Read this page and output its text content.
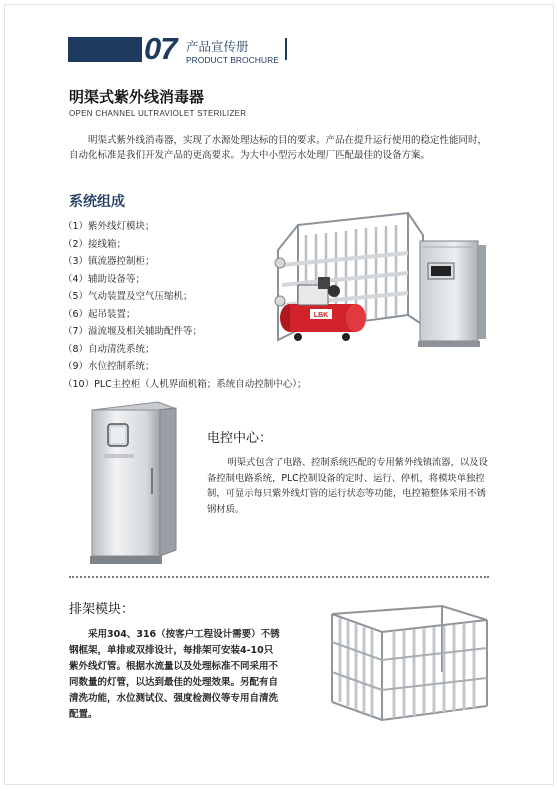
07 产品宣传册
PRODUCT BROCHURE
明渠式紫外线消毒器
OPEN CHANNEL ULTRAVIOLET STERILIZER

明渠式紫外线消毒器，实现了水源处理达标的目的要求。产品在提升运行使用的稳定性能同时，自动化标准是我们开发产品的更高要求。为大中小型污水处理厂匹配最佳的设备方案。

系统组成
（1）紫外线灯模块；
（2）接线箱；
（3）镇流器控制柜；
（4）辅助设备等；
（5）气动装置及空气压缩机；
（6）起吊装置；
（7）溢流堰及相关辅助配件等；
（8）自动清洗系统；
（9）水位控制系统；
（10）PLC主控柜（人机界面机箱；系统自动控制中心）；
LBK
电控中心：

明渠式包含了电路、控制系统匹配的专用紫外线镇流器，以及设备控制电路系统，PLC控制设备的定时、运行、停机，将模块单独控制，可显示每只紫外线灯管的运行状态等功能，电控箱整体采用不锈钢材质。

排架模块：

采用304、316（按客户工程设计需要）不锈钢框架，单排或双排设计，每排架可安装4-10只紫外线灯管。根据水流量以及处理标准不同采用不同数量的灯管，以达到最佳的处理效果。另配有自清洗功能，水位测试仪、强度检测仪等专用自清洗配置。
